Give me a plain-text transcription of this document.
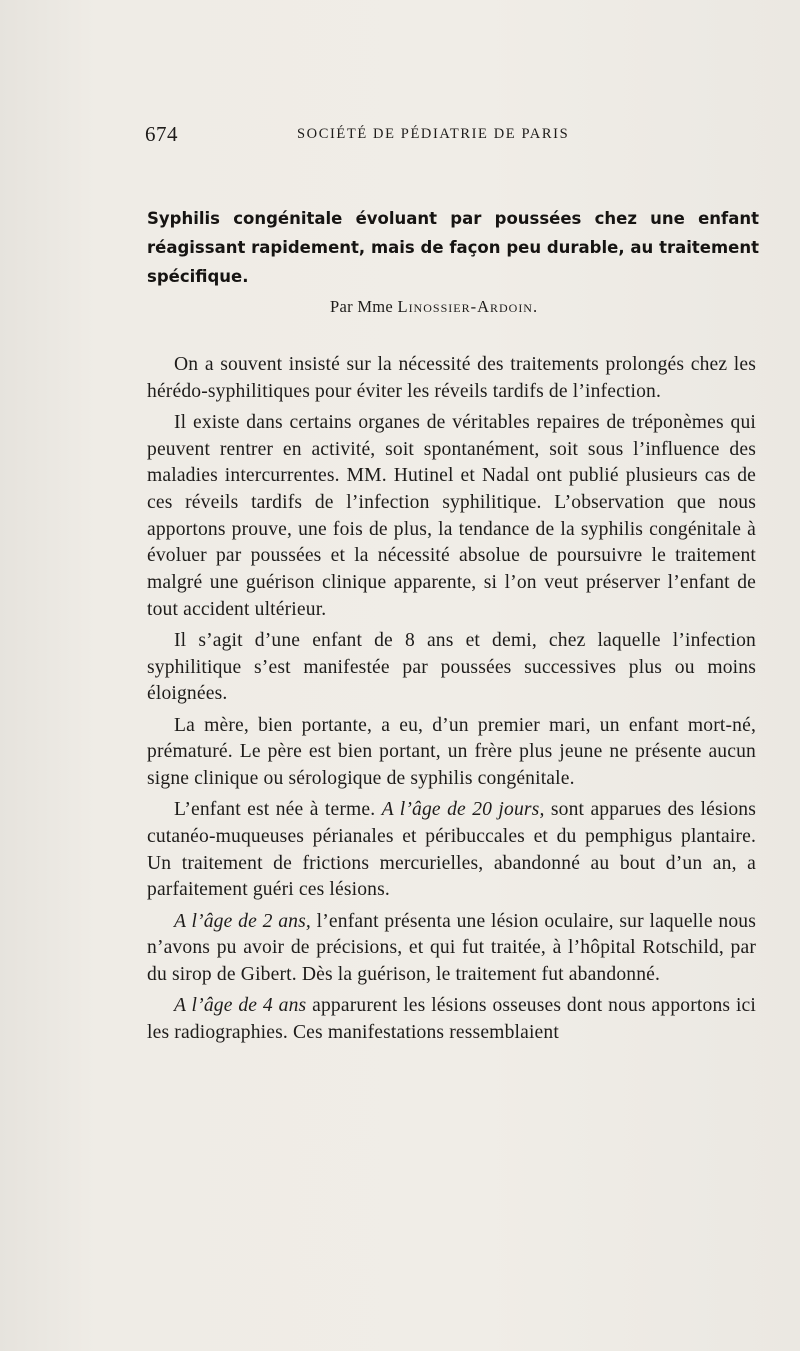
674	SOCIÉTÉ DE PÉDIATRIE DE PARIS
Syphilis congénitale évoluant par poussées chez une enfant réagissant rapidement, mais de façon peu durable, au traitement spécifique.
Par Mme Linossier-Ardoin.

On a souvent insisté sur la nécessité des traitements prolongés chez les hérédo-syphilitiques pour éviter les réveils tardifs de l’infection.

Il existe dans certains organes de véritables repaires de tréponèmes qui peuvent rentrer en activité, soit spontanément, soit sous l’influence des maladies intercurrentes. MM. Hutinel et Nadal ont publié plusieurs cas de ces réveils tardifs de l’infection syphilitique. L’observation que nous apportons prouve, une fois de plus, la tendance de la syphilis congénitale à évoluer par poussées et la nécessité absolue de poursuivre le traitement malgré une guérison clinique apparente, si l’on veut préserver l’enfant de tout accident ultérieur.

Il s’agit d’une enfant de 8 ans et demi, chez laquelle l’infection syphilitique s’est manifestée par poussées successives plus ou moins éloignées.

La mère, bien portante, a eu, d’un premier mari, un enfant mort-né, prématuré. Le père est bien portant, un frère plus jeune ne présente aucun signe clinique ou sérologique de syphilis congénitale.

L’enfant est née à terme. A l’âge de 20 jours, sont apparues des lésions cutanéo-muqueuses périanales et péribuccales et du pemphigus plantaire. Un traitement de frictions mercurielles, abandonné au bout d’un an, a parfaitement guéri ces lésions.

A l’âge de 2 ans, l’enfant présenta une lésion oculaire, sur laquelle nous n’avons pu avoir de précisions, et qui fut traitée, à l’hôpital Rotschild, par du sirop de Gibert. Dès la guérison, le traitement fut abandonné.

A l’âge de 4 ans apparurent les lésions osseuses dont nous apportons ici les radiographies. Ces manifestations ressemblaient
